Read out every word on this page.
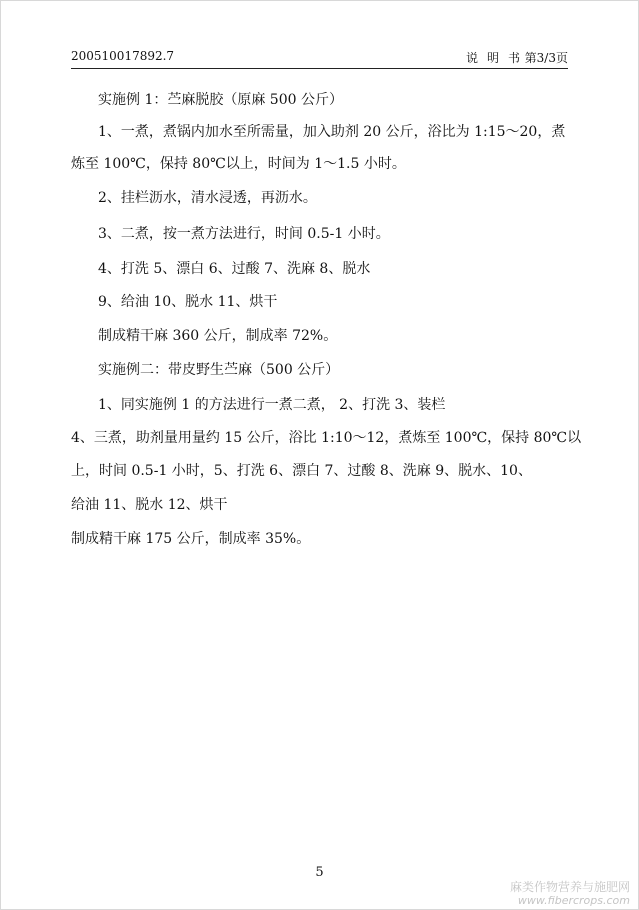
200510017892.7	说明书
第3/3页
实施例 1：苎麻脱胶（原麻 500 公斤）
1、一煮，煮锅内加水至所需量，加入助剂 20 公斤，浴比为 1:15～20，煮
炼至 100℃，保持 80℃以上，时间为 1～1.5 小时。
2、挂栏沥水，清水浸透，再沥水。
3、二煮，按一煮方法进行，时间 0.5-1 小时。
4、打洗 5、漂白 6、过酸 7、洗麻 8、脱水
9、给油 10、脱水 11、烘干
制成精干麻 360 公斤，制成率 72%。
实施例二：带皮野生苎麻（500 公斤）
1、同实施例 1 的方法进行一煮二煮， 2、打洗 3、装栏
4、三煮，助剂量用量约 15 公斤，浴比 1:10～12，煮炼至 100℃，保持 80℃以
上，时间 0.5-1 小时，5、打洗 6、漂白 7、过酸 8、洗麻 9、脱水、10、
给油 11、脱水 12、烘干
制成精干麻 175 公斤，制成率 35%。
5
麻类作物营养与施肥网
www.fibercrops.com
